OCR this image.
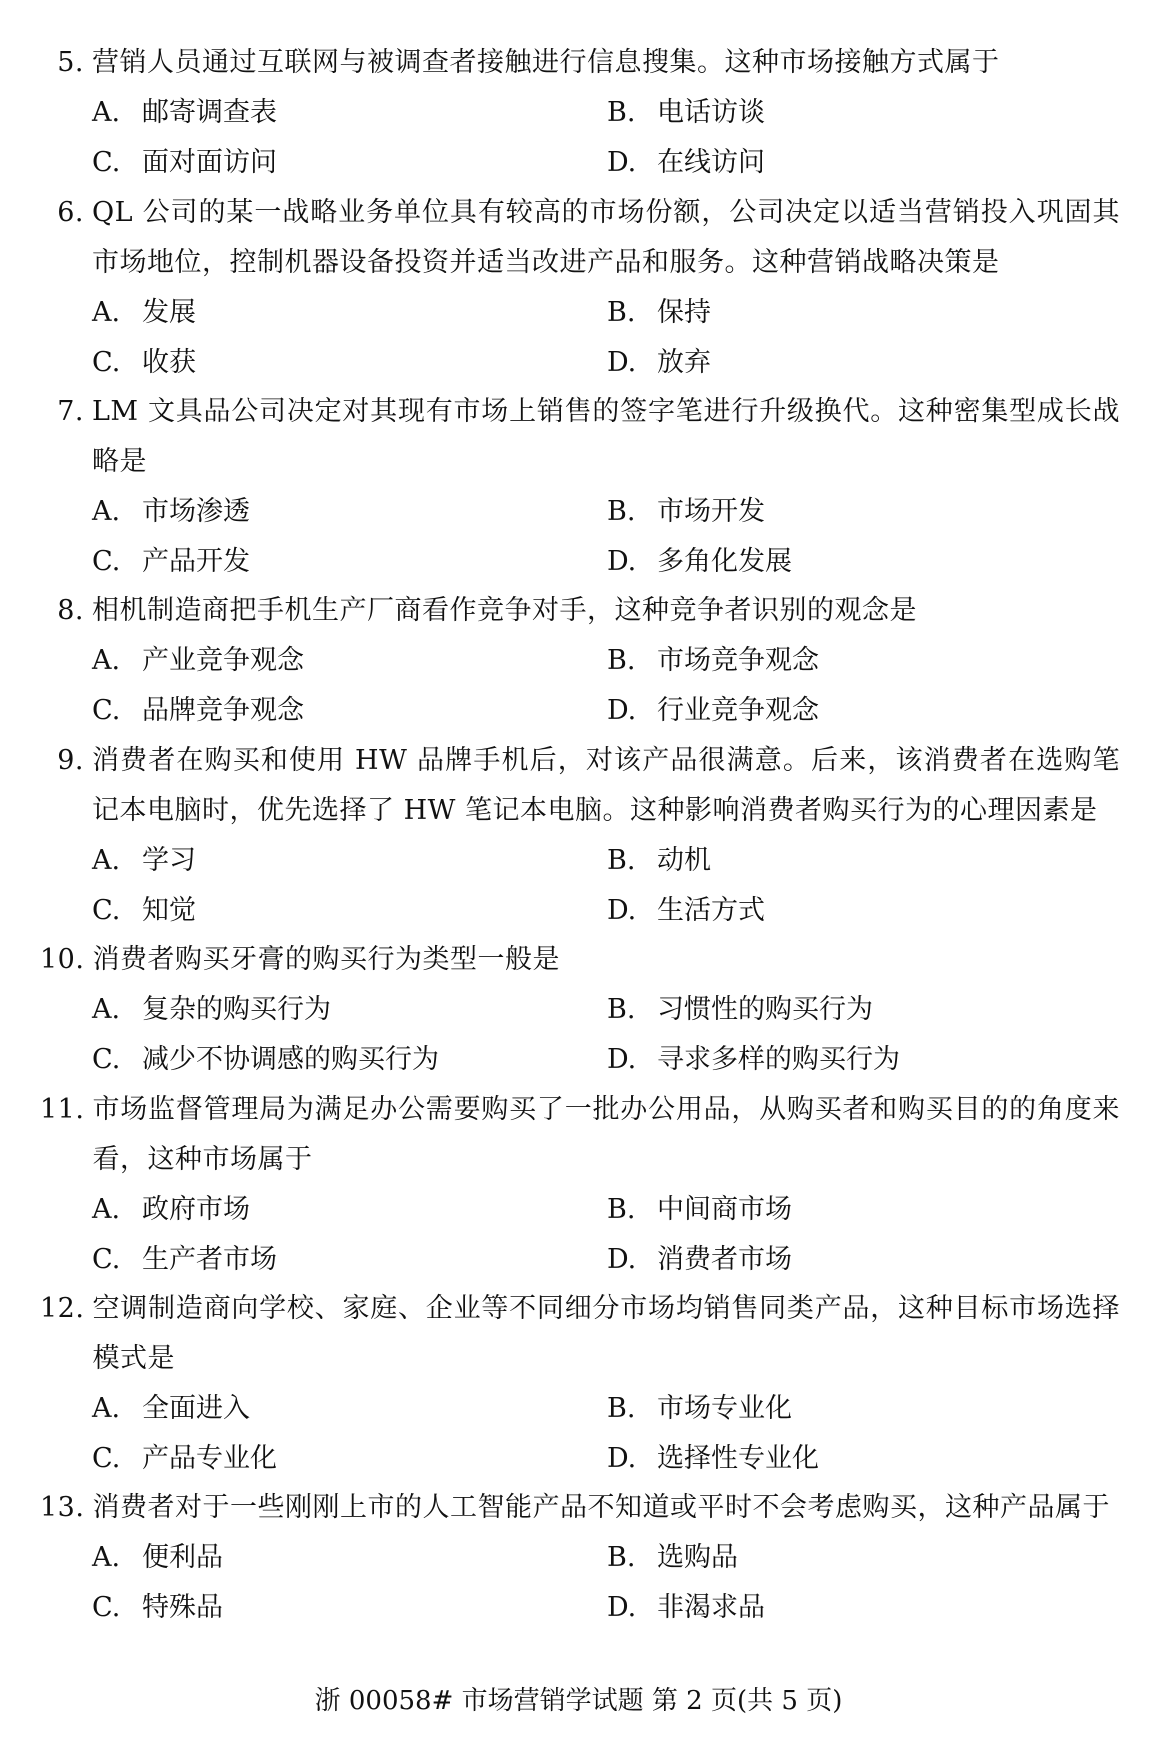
5. 营销人员通过互联网与被调查者接触进行信息搜集。这种市场接触方式属于
A. 邮寄调查表	B. 电话访谈
C. 面对面访问	D. 在线访问
6. QL 公司的某一战略业务单位具有较高的市场份额，公司决定以适当营销投入巩固其市场地位，控制机器设备投资并适当改进产品和服务。这种营销战略决策是
A. 发展	B. 保持
C. 收获	D. 放弃
7. LM 文具品公司决定对其现有市场上销售的签字笔进行升级换代。这种密集型成长战略是
A. 市场渗透	B. 市场开发
C. 产品开发	D. 多角化发展
8. 相机制造商把手机生产厂商看作竞争对手，这种竞争者识别的观念是
A. 产业竞争观念	B. 市场竞争观念
C. 品牌竞争观念	D. 行业竞争观念
9. 消费者在购买和使用 HW 品牌手机后，对该产品很满意。后来，该消费者在选购笔记本电脑时，优先选择了 HW 笔记本电脑。这种影响消费者购买行为的心理因素是
A. 学习	B. 动机
C. 知觉	D. 生活方式
10. 消费者购买牙膏的购买行为类型一般是
A. 复杂的购买行为	B. 习惯性的购买行为
C. 减少不协调感的购买行为	D. 寻求多样的购买行为
11. 市场监督管理局为满足办公需要购买了一批办公用品，从购买者和购买目的的角度来看，这种市场属于
A. 政府市场	B. 中间商市场
C. 生产者市场	D. 消费者市场
12. 空调制造商向学校、家庭、企业等不同细分市场均销售同类产品，这种目标市场选择模式是
A. 全面进入	B. 市场专业化
C. 产品专业化	D. 选择性专业化
13. 消费者对于一些刚刚上市的人工智能产品不知道或平时不会考虑购买，这种产品属于
A. 便利品	B. 选购品
C. 特殊品	D. 非渴求品
浙 00058# 市场营销学试题 第 2 页(共 5 页)
